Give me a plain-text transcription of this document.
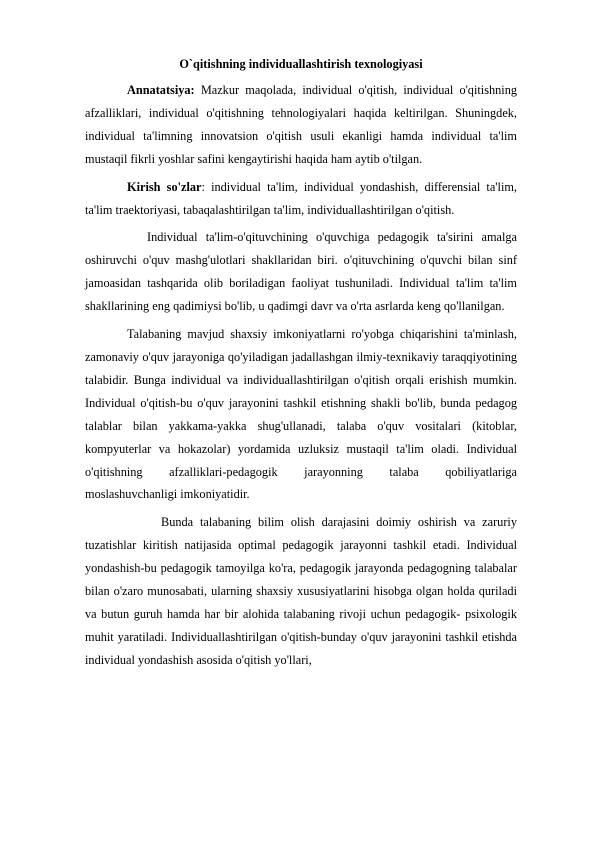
O`qitishning individuallashtirish texnologiyasi

Annatatsiya: Mazkur maqolada, individual o'qitish, individual o'qitishning afzalliklari, individual o'qitishning tehnologiyalari haqida keltirilgan. Shuningdek, individual ta'limning innovatsion o'qitish usuli ekanligi hamda individual ta'lim mustaqil fikrli yoshlar safini kengaytirishi haqida ham aytib o'tilgan.

Kirish so'zlar: individual ta'lim, individual yondashish, differensial ta'lim, ta'lim traektoriyasi, tabaqalashtirilgan ta'lim, individuallashtirilgan o'qitish.

Individual ta'lim-o'qituvchining o'quvchiga pedagogik ta'sirini amalga oshiruvchi o'quv mashg'ulotlari shakllaridan biri. o'qituvchining o'quvchi bilan sinf jamoasidan tashqarida olib boriladigan faoliyat tushuniladi. Individual ta'lim ta'lim shakllarining eng qadimiysi bo'lib, u qadimgi davr va o'rta asrlarda keng qo'llanilgan.

Talabaning mavjud shaxsiy imkoniyatlarni ro'yobga chiqarishini ta'minlash, zamonaviy o'quv jarayoniga qo'yiladigan jadallashgan ilmiy-texnikaviy taraqqiyotining talabidir. Bunga individual va individuallashtirilgan o'qitish orqali erishish mumkin. Individual o'qitish-bu o'quv jarayonini tashkil etishning shakli bo'lib, bunda pedagog talablar bilan yakkama-yakka shug'ullanadi, talaba o'quv vositalari (kitoblar, kompyuterlar va hokazolar) yordamida uzluksiz mustaqil ta'lim oladi. Individual o'qitishning afzalliklari-pedagogik jarayonning talaba qobiliyatlariga moslashuvchanligi imkoniyatidir.

Bunda talabaning bilim olish darajasini doimiy oshirish va zaruriy tuzatishlar kiritish natijasida optimal pedagogik jarayonni tashkil etadi. Individual yondashish-bu pedagogik tamoyilga ko'ra, pedagogik jarayonda pedagogning talabalar bilan o'zaro munosabati, ularning shaxsiy xususiyatlarini hisobga olgan holda quriladi va butun guruh hamda har bir alohida talabaning rivoji uchun pedagogik- psixologik muhit yaratiladi. Individuallashtirilgan o'qitish-bunday o'quv jarayonini tashkil etishda individual yondashish asosida o'qitish yo'llari,
